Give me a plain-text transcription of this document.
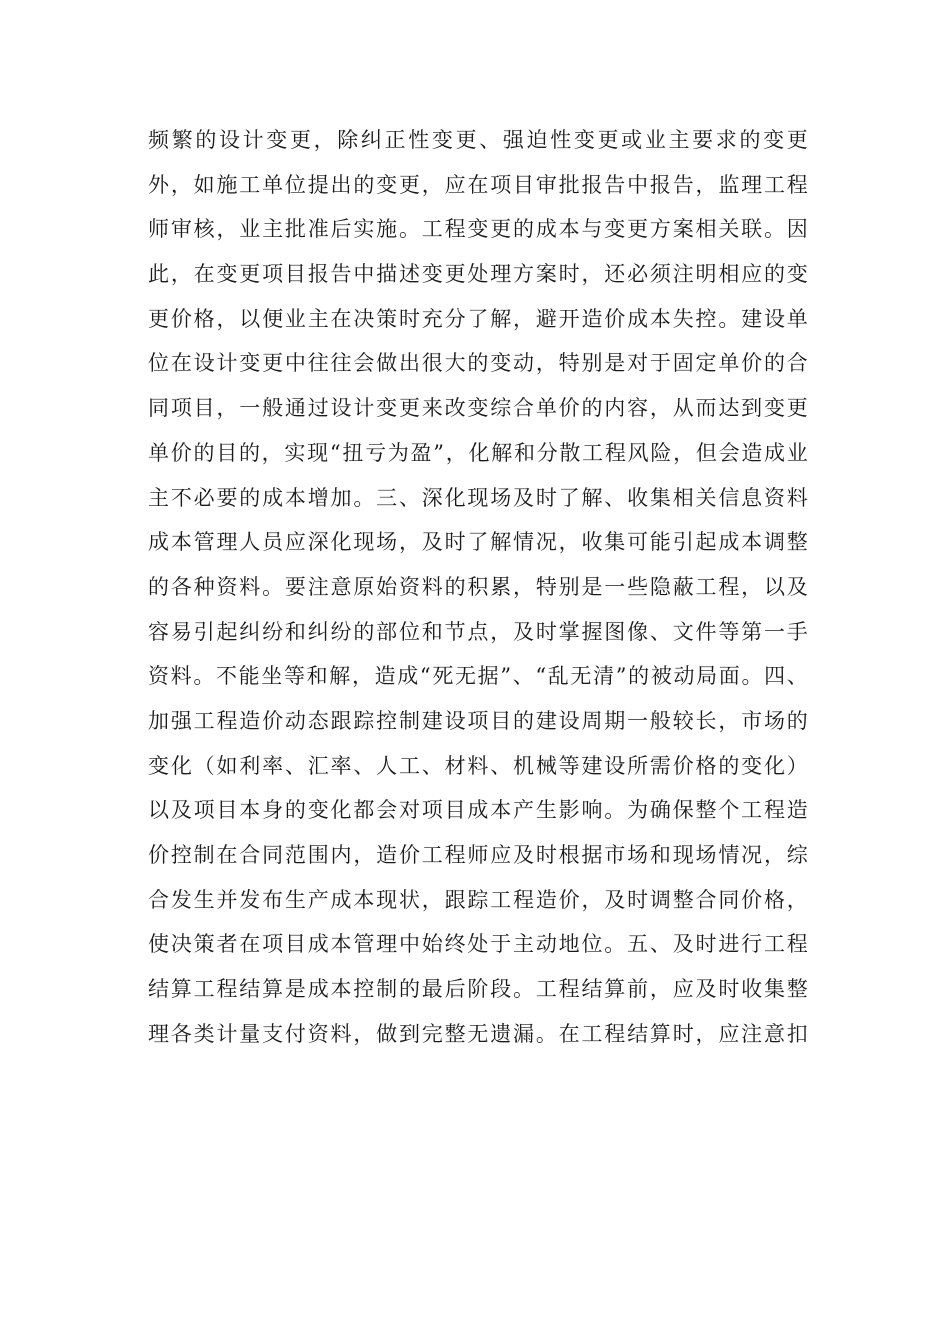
频繁的设计变更，除纠正性变更、强迫性变更或业主要求的变更
外，如施工单位提出的变更，应在项目审批报告中报告，监理工程
师审核，业主批准后实施。工程变更的成本与变更方案相关联。因
此，在变更项目报告中描述变更处理方案时，还必须注明相应的变
更价格，以便业主在决策时充分了解，避开造价成本失控。建设单
位在设计变更中往往会做出很大的变动，特别是对于固定单价的合
同项目，一般通过设计变更来改变综合单价的内容，从而达到变更
单价的目的，实现“扭亏为盈”，化解和分散工程风险，但会造成业
主不必要的成本增加。三、深化现场及时了解、收集相关信息资料
成本管理人员应深化现场，及时了解情况，收集可能引起成本调整
的各种资料。要注意原始资料的积累，特别是一些隐蔽工程，以及
容易引起纠纷和纠纷的部位和节点，及时掌握图像、文件等第一手
资料。不能坐等和解，造成“死无据”、“乱无清”的被动局面。四、
加强工程造价动态跟踪控制建设项目的建设周期一般较长，市场的
变化（如利率、汇率、人工、材料、机械等建设所需价格的变化）
以及项目本身的变化都会对项目成本产生影响。为确保整个工程造
价控制在合同范围内，造价工程师应及时根据市场和现场情况，综
合发生并发布生产成本现状，跟踪工程造价，及时调整合同价格，
使决策者在项目成本管理中始终处于主动地位。五、及时进行工程
结算工程结算是成本控制的最后阶段。工程结算前，应及时收集整
理各类计量支付资料，做到完整无遗漏。在工程结算时，应注意扣
